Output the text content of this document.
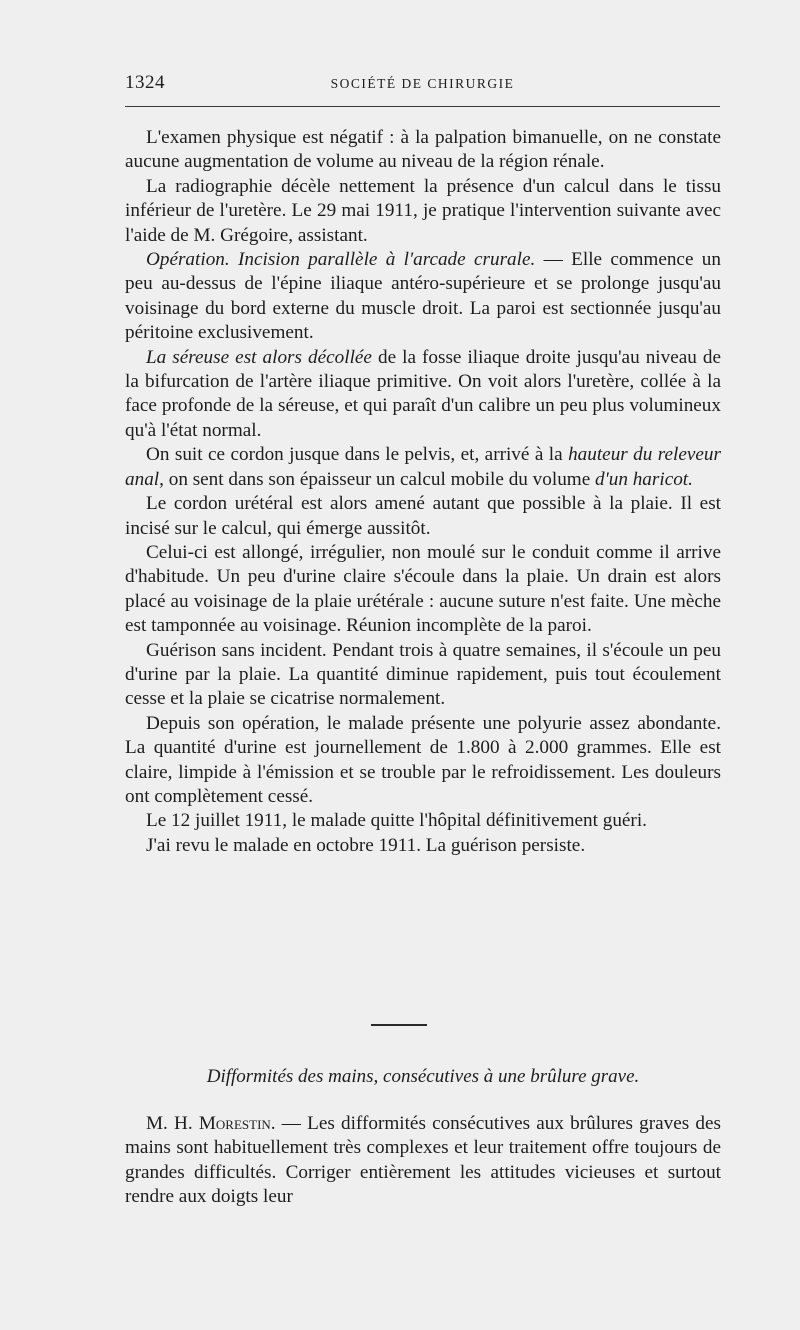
1324	SOCIÉTÉ DE CHIRURGIE

L'examen physique est négatif : à la palpation bimanuelle, on ne constate aucune augmentation de volume au niveau de la région rénale.

La radiographie décèle nettement la présence d'un calcul dans le tissu inférieur de l'uretère. Le 29 mai 1911, je pratique l'intervention suivante avec l'aide de M. Grégoire, assistant.

Opération. Incision parallèle à l'arcade crurale. — Elle commence un peu au-dessus de l'épine iliaque antéro-supérieure et se prolonge jusqu'au voisinage du bord externe du muscle droit. La paroi est sectionnée jusqu'au péritoine exclusivement.

La séreuse est alors décollée de la fosse iliaque droite jusqu'au niveau de la bifurcation de l'artère iliaque primitive. On voit alors l'uretère, collée à la face profonde de la séreuse, et qui paraît d'un calibre un peu plus volumineux qu'à l'état normal.

On suit ce cordon jusque dans le pelvis, et, arrivé à la hauteur du releveur anal, on sent dans son épaisseur un calcul mobile du volume d'un haricot.

Le cordon urétéral est alors amené autant que possible à la plaie. Il est incisé sur le calcul, qui émerge aussitôt.

Celui-ci est allongé, irrégulier, non moulé sur le conduit comme il arrive d'habitude. Un peu d'urine claire s'écoule dans la plaie. Un drain est alors placé au voisinage de la plaie urétérale : aucune suture n'est faite. Une mèche est tamponnée au voisinage. Réunion incomplète de la paroi.

Guérison sans incident. Pendant trois à quatre semaines, il s'écoule un peu d'urine par la plaie. La quantité diminue rapidement, puis tout écoulement cesse et la plaie se cicatrise normalement.

Depuis son opération, le malade présente une polyurie assez abondante. La quantité d'urine est journellement de 1.800 à 2.000 grammes. Elle est claire, limpide à l'émission et se trouble par le refroidissement. Les douleurs ont complètement cessé.

Le 12 juillet 1911, le malade quitte l'hôpital définitivement guéri.

J'ai revu le malade en octobre 1911. La guérison persiste.

Difformités des mains, consécutives à une brûlure grave.

M. H. Morestin. — Les difformités consécutives aux brûlures graves des mains sont habituellement très complexes et leur traitement offre toujours de grandes difficultés. Corriger entièrement les attitudes vicieuses et surtout rendre aux doigts leur
